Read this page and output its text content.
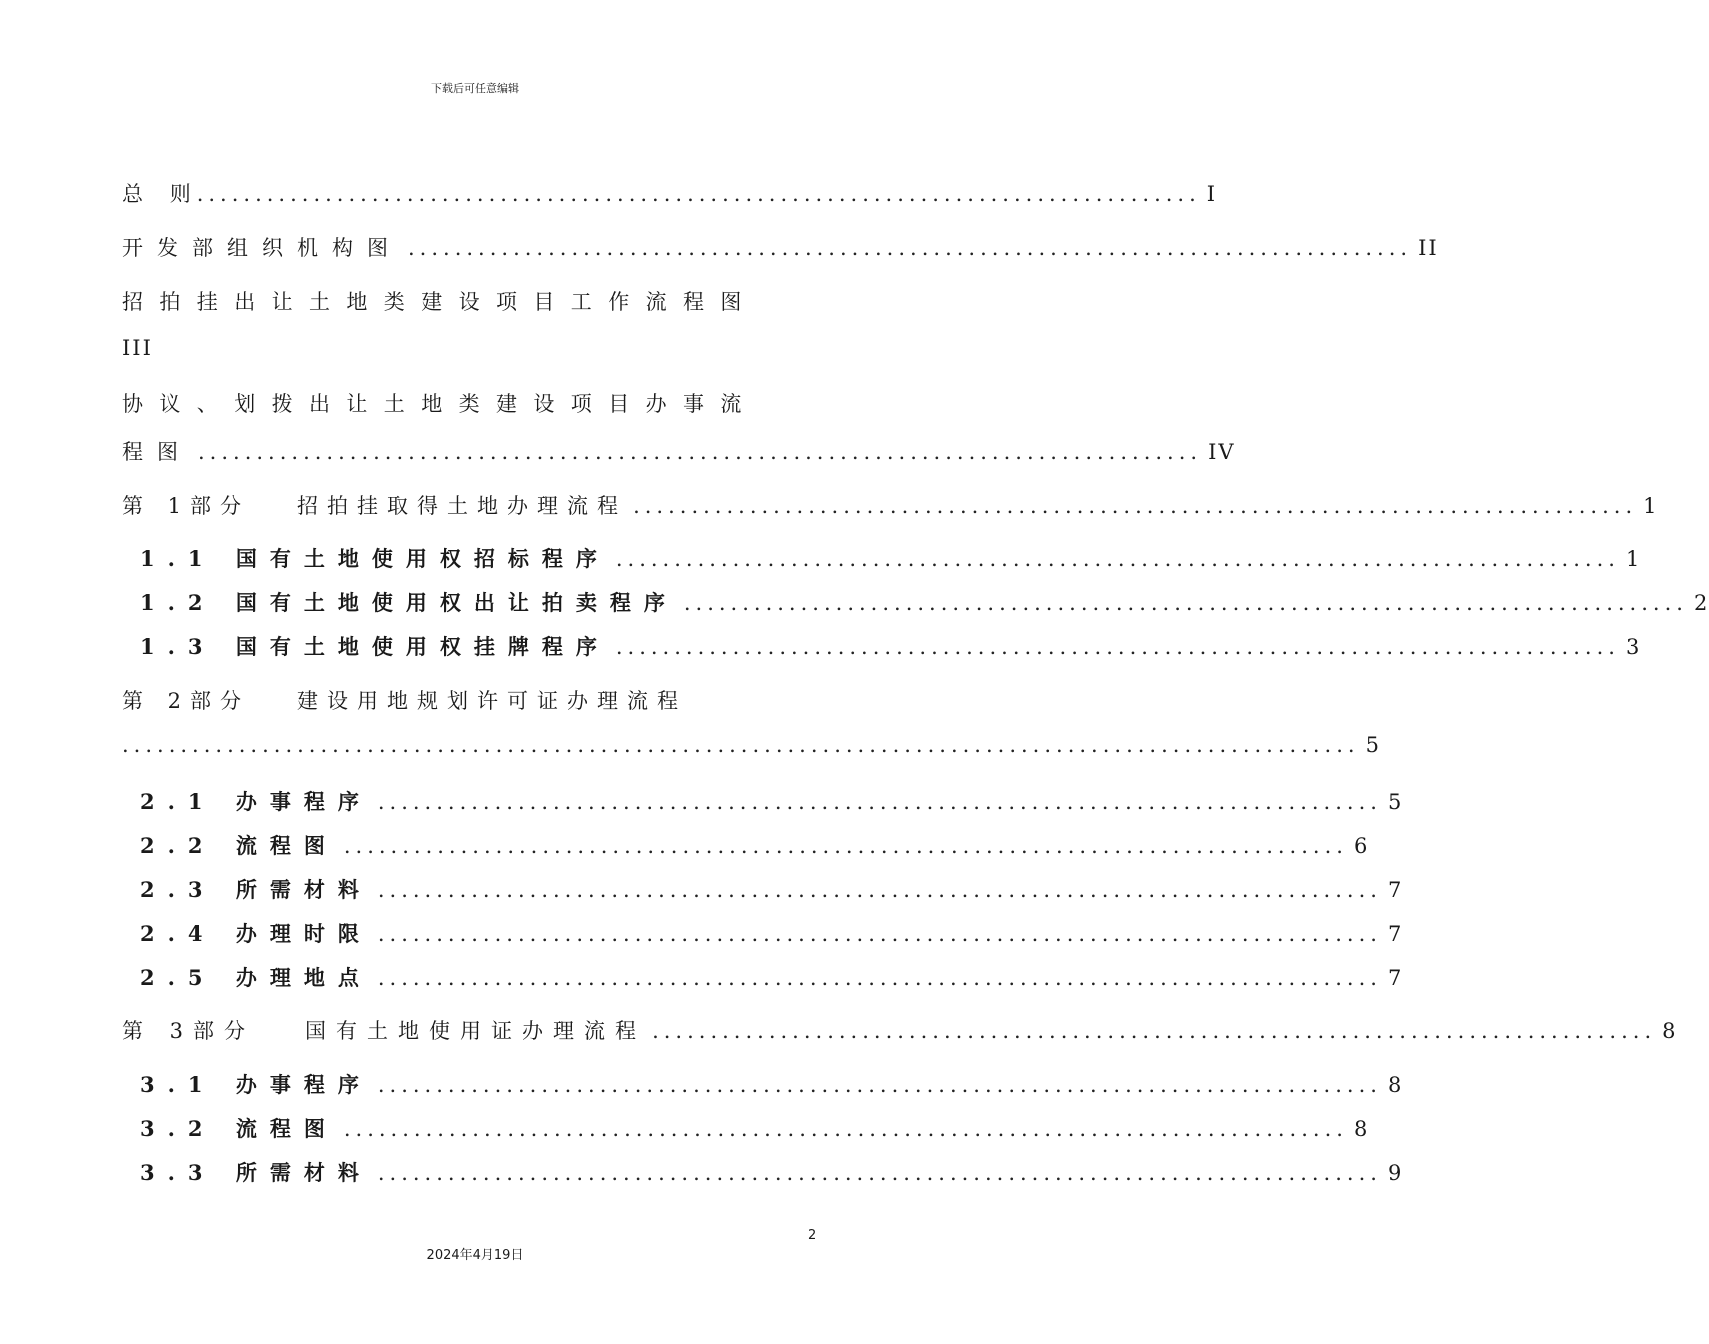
下载后可任意编辑
总    则 ...................................................................................... I
开发部组织机构图 ...................................................................................... II
招拍挂出让土地类建设项目工作流程图
III
协议、划拨出让土地类建设项目办事流
程图 ...................................................................................... IV
第 1部分   招拍挂取得土地办理流程 ...................................................................................... 1
1.1 国有土地使用权招标程序 ...................................................................................... 1
1.2 国有土地使用权出让拍卖程序 ...................................................................................... 2
1.3 国有土地使用权挂牌程序 ...................................................................................... 3
第 2部分   建设用地规划许可证办理流程
.......................................................................................................... 5
2.1 办事程序 ...................................................................................... 5
2.2 流程图 ...................................................................................... 6
2.3 所需材料 ...................................................................................... 7
2.4 办理时限 ...................................................................................... 7
2.5 办理地点 ...................................................................................... 7
第 3部分   国有土地使用证办理流程 ...................................................................................... 8
3.1 办事程序 ...................................................................................... 8
3.2 流程图 ...................................................................................... 8
3.3 所需材料 ...................................................................................... 9
2
2024年4月19日
